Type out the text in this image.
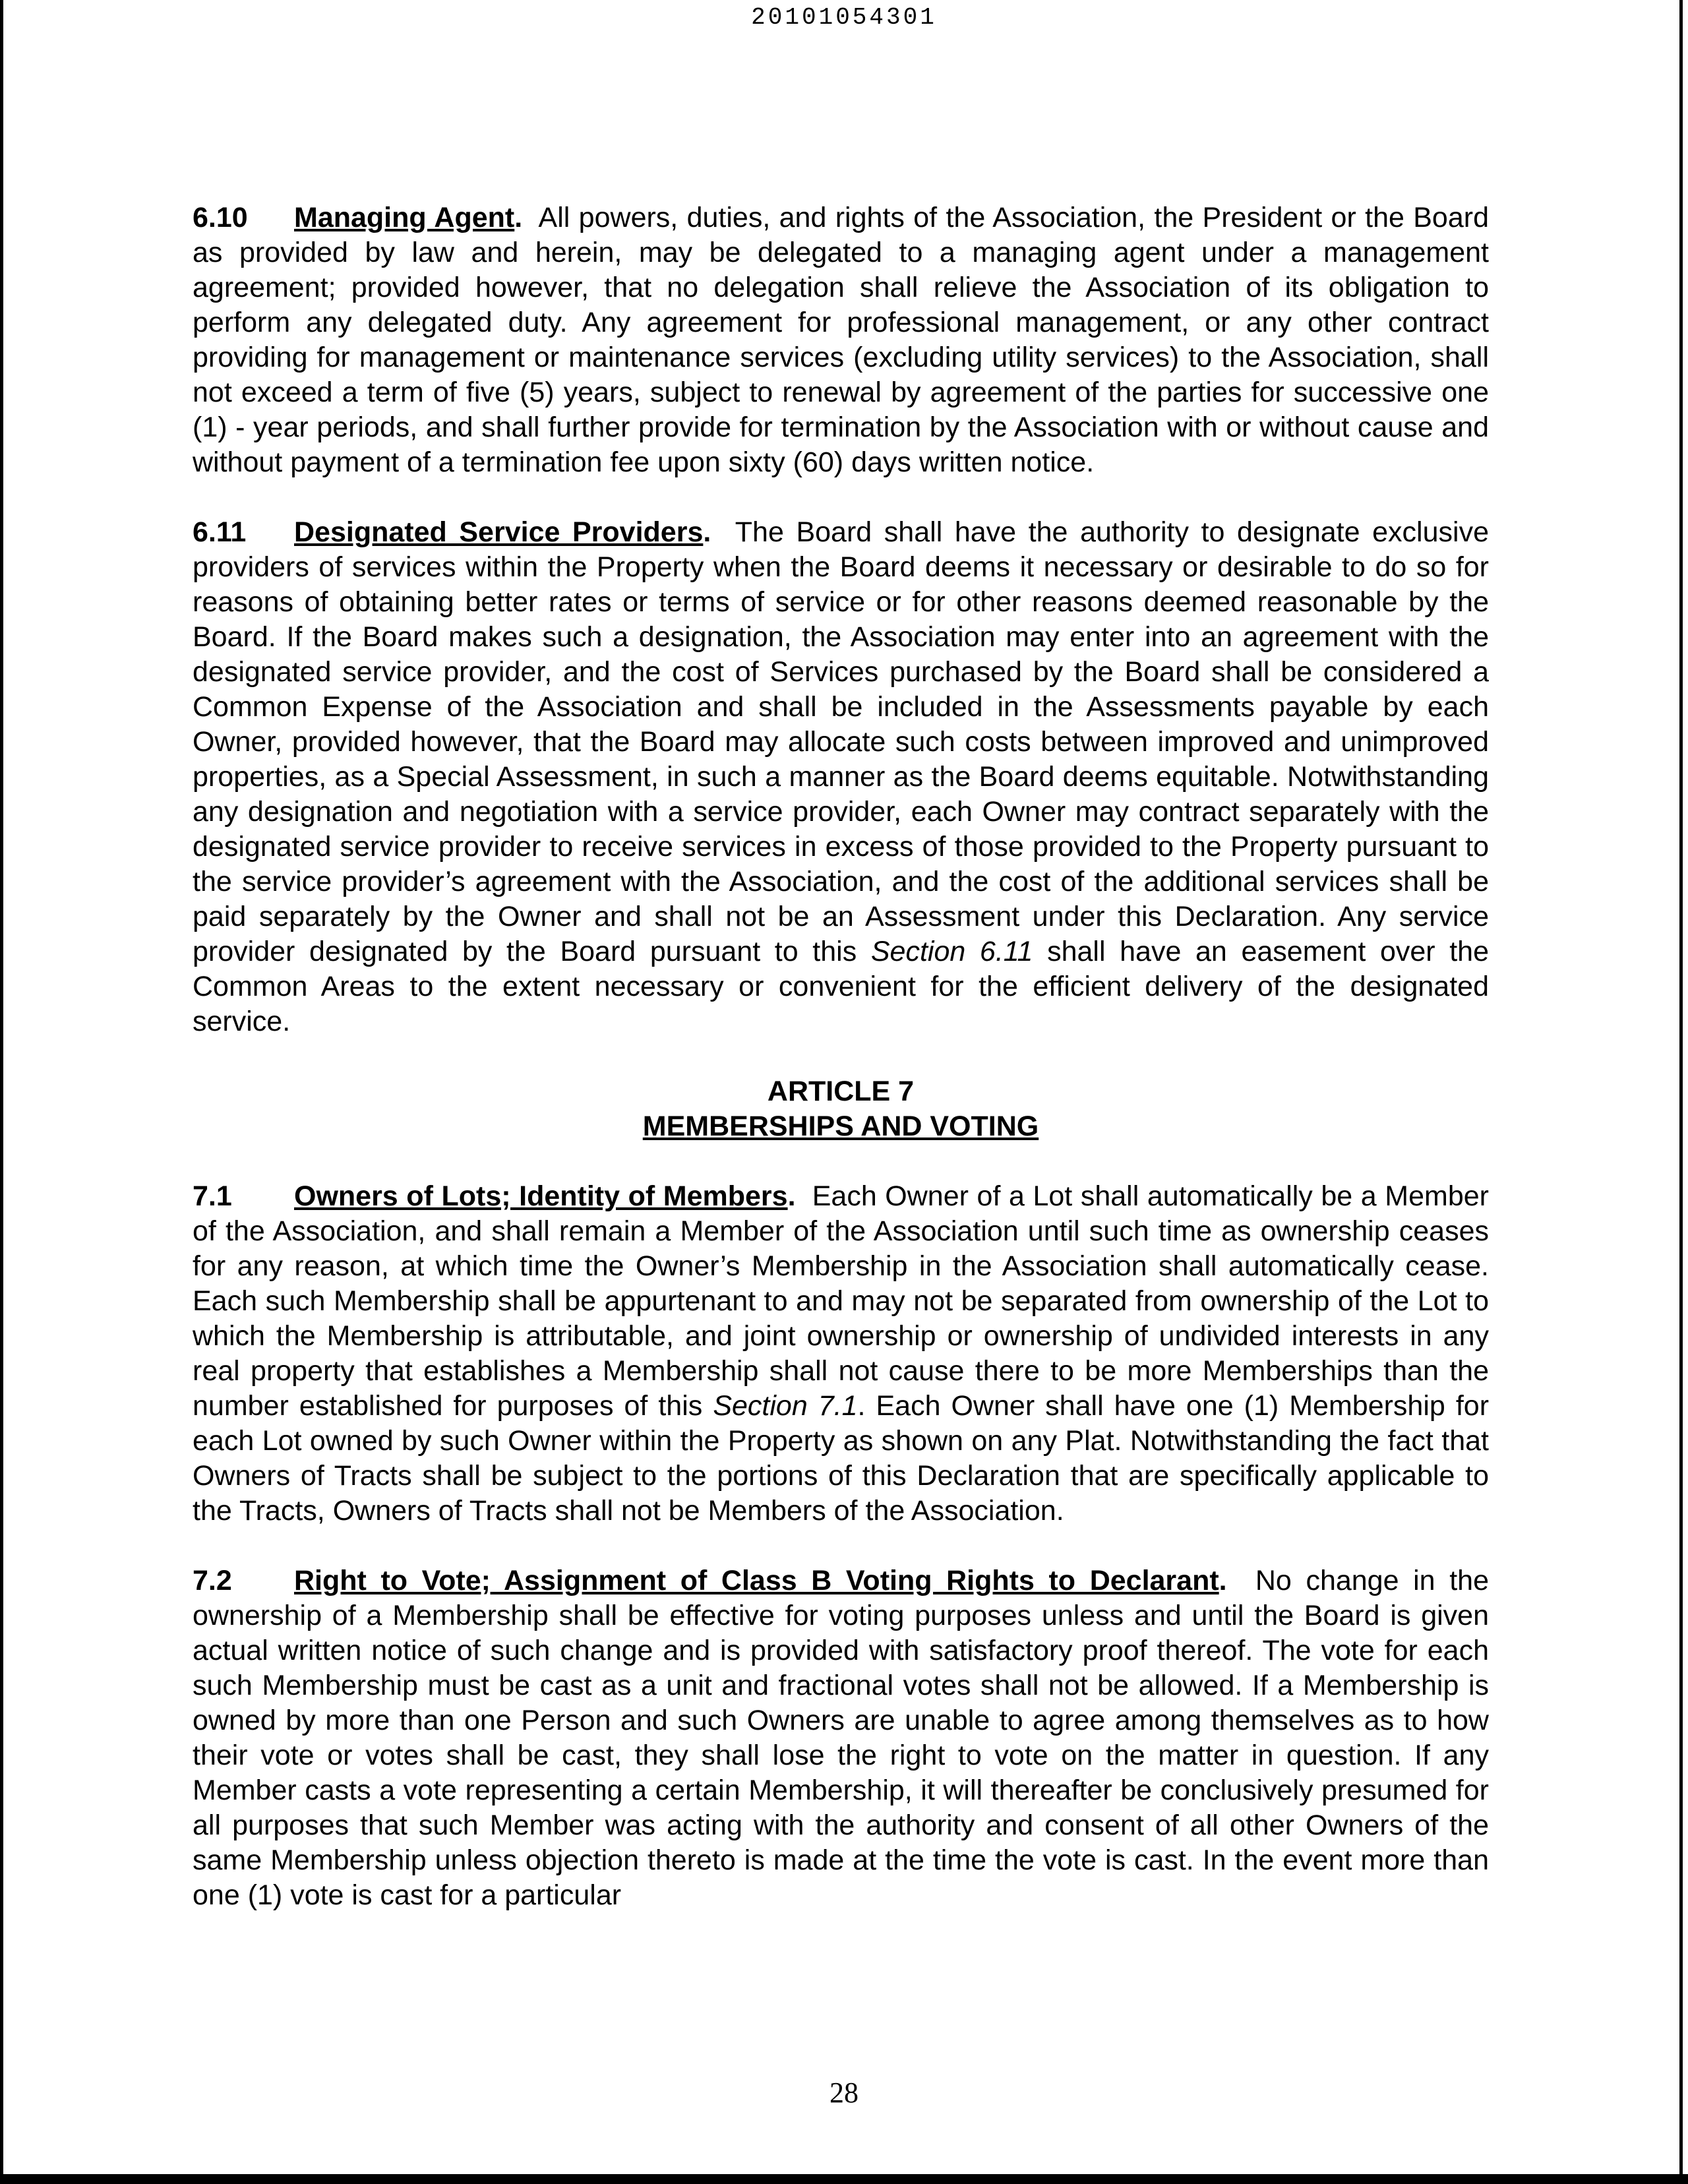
20101054301

6.10 Managing Agent. All powers, duties, and rights of the Association, the President or the Board as provided by law and herein, may be delegated to a managing agent under a management agreement; provided however, that no delegation shall relieve the Association of its obligation to perform any delegated duty. Any agreement for professional management, or any other contract providing for management or maintenance services (excluding utility services) to the Association, shall not exceed a term of five (5) years, subject to renewal by agreement of the parties for successive one (1) - year periods, and shall further provide for termination by the Association with or without cause and without payment of a termination fee upon sixty (60) days written notice.

6.11 Designated Service Providers. The Board shall have the authority to designate exclusive providers of services within the Property when the Board deems it necessary or desirable to do so for reasons of obtaining better rates or terms of service or for other reasons deemed reasonable by the Board. If the Board makes such a designation, the Association may enter into an agreement with the designated service provider, and the cost of Services purchased by the Board shall be considered a Common Expense of the Association and shall be included in the Assessments payable by each Owner, provided however, that the Board may allocate such costs between improved and unimproved properties, as a Special Assessment, in such a manner as the Board deems equitable. Notwithstanding any designation and negotiation with a service provider, each Owner may contract separately with the designated service provider to receive services in excess of those provided to the Property pursuant to the service provider’s agreement with the Association, and the cost of the additional services shall be paid separately by the Owner and shall not be an Assessment under this Declaration. Any service provider designated by the Board pursuant to this Section 6.11 shall have an easement over the Common Areas to the extent necessary or convenient for the efficient delivery of the designated service.

ARTICLE 7
MEMBERSHIPS AND VOTING

7.1 Owners of Lots; Identity of Members. Each Owner of a Lot shall automatically be a Member of the Association, and shall remain a Member of the Association until such time as ownership ceases for any reason, at which time the Owner’s Membership in the Association shall automatically cease. Each such Membership shall be appurtenant to and may not be separated from ownership of the Lot to which the Membership is attributable, and joint ownership or ownership of undivided interests in any real property that establishes a Membership shall not cause there to be more Memberships than the number established for purposes of this Section 7.1. Each Owner shall have one (1) Membership for each Lot owned by such Owner within the Property as shown on any Plat. Notwithstanding the fact that Owners of Tracts shall be subject to the portions of this Declaration that are specifically applicable to the Tracts, Owners of Tracts shall not be Members of the Association.

7.2 Right to Vote; Assignment of Class B Voting Rights to Declarant. No change in the ownership of a Membership shall be effective for voting purposes unless and until the Board is given actual written notice of such change and is provided with satisfactory proof thereof. The vote for each such Membership must be cast as a unit and fractional votes shall not be allowed. If a Membership is owned by more than one Person and such Owners are unable to agree among themselves as to how their vote or votes shall be cast, they shall lose the right to vote on the matter in question. If any Member casts a vote representing a certain Membership, it will thereafter be conclusively presumed for all purposes that such Member was acting with the authority and consent of all other Owners of the same Membership unless objection thereto is made at the time the vote is cast. In the event more than one (1) vote is cast for a particular

28
